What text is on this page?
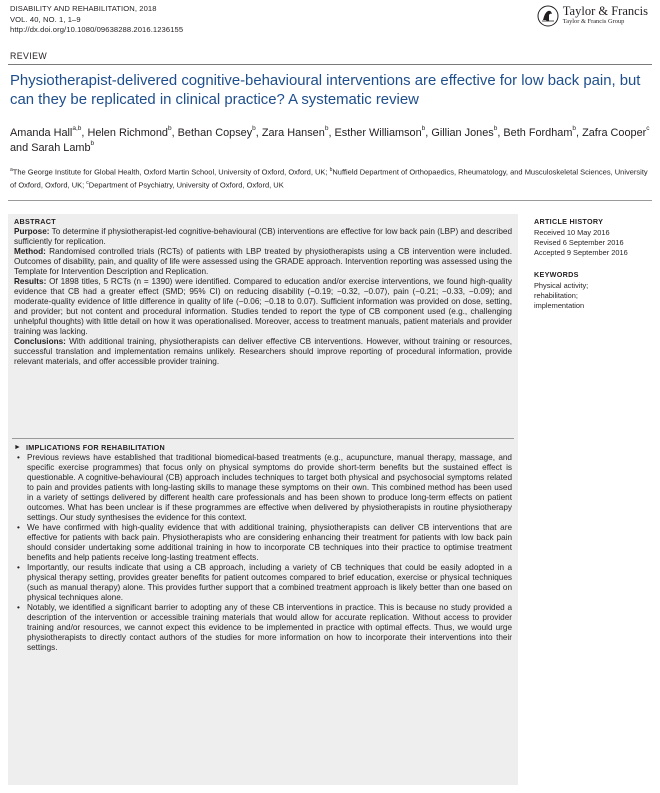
DISABILITY AND REHABILITATION, 2018
VOL. 40, NO. 1, 1–9
http://dx.doi.org/10.1080/09638288.2016.1236155
Taylor & Francis
Taylor & Francis Group
REVIEW
Physiotherapist-delivered cognitive-behavioural interventions are effective for low back pain, but can they be replicated in clinical practice? A systematic review

Amanda Hall$^{a,b}$, Helen Richmond$^b$, Bethan Copsey$^b$, Zara Hansen$^b$, Esther Williamson$^b$, Gillian Jones$^b$, Beth Fordham$^b$, Zafra Cooper$^c$ and Sarah Lamb$^b$

$^a$The George Institute for Global Health, Oxford Martin School, University of Oxford, Oxford, UK; $^b$Nuffield Department of Orthopaedics, Rheumatology, and Musculoskeletal Sciences, University of Oxford, Oxford, UK; $^c$Department of Psychiatry, University of Oxford, Oxford, UK

ABSTRACT

Purpose: To determine if physiotherapist-led cognitive-behavioural (CB) interventions are effective for low back pain (LBP) and described sufficiently for replication.

Method: Randomised controlled trials (RCTs) of patients with LBP treated by physiotherapists using a CB intervention were included. Outcomes of disability, pain, and quality of life were assessed using the GRADE approach. Intervention reporting was assessed using the Template for Intervention Description and Replication.

Results: Of 1898 titles, 5 RCTs (n = 1390) were identified. Compared to education and/or exercise interventions, we found high-quality evidence that CB had a greater effect (SMD; 95% CI) on reducing disability (−0.19; −0.32, −0.07), pain (−0.21; −0.33, −0.09); and moderate-quality evidence of little difference in quality of life (−0.06; −0.18 to 0.07). Sufficient information was provided on dose, setting, and provider; but not content and procedural information. Studies tended to report the type of CB component used (e.g., challenging unhelpful thoughts) with little detail on how it was operationalised. Moreover, access to treatment manuals, patient materials and provider training was lacking.

Conclusions: With additional training, physiotherapists can deliver effective CB interventions. However, without training or resources, successful translation and implementation remains unlikely. Researchers should improve reporting of procedural information, provide relevant materials, and offer accessible provider training.

► IMPLICATIONS FOR REHABILITATION
• Previous reviews have established that traditional biomedical-based treatments (e.g., acupuncture, manual therapy, massage, and specific exercise programmes) that focus only on physical symptoms do provide short-term benefits but the sustained effect is questionable. A cognitive-behavioural (CB) approach includes techniques to target both physical and psychosocial symptoms related to pain and provides patients with long-lasting skills to manage these symptoms on their own. This combined method has been used in a variety of settings delivered by different health care professionals and has been shown to produce long-term effects on patient outcomes. What has been unclear is if these programmes are effective when delivered by physiotherapists in routine physiotherapy settings. Our study synthesises the evidence for this context.
• We have confirmed with high-quality evidence that with additional training, physiotherapists can deliver CB interventions that are effective for patients with back pain. Physiotherapists who are considering enhancing their treatment for patients with low back pain should consider undertaking some additional training in how to incorporate CB techniques into their practice to optimise treatment benefits and help patients receive long-lasting treatment effects.
• Importantly, our results indicate that using a CB approach, including a variety of CB techniques that could be easily adopted in a physical therapy setting, provides greater benefits for patient outcomes compared to brief education, exercise or physical techniques (such as manual therapy) alone. This provides further support that a combined treatment approach is likely better than one based on physical techniques alone.
• Notably, we identified a significant barrier to adopting any of these CB interventions in practice. This is because no study provided a description of the intervention or accessible training materials that would allow for accurate replication. Without access to provider training and/or resources, we cannot expect this evidence to be implemented in practice with optimal effects. Thus, we would urge physiotherapists to directly contact authors of the studies for more information on how to incorporate their interventions into their settings.
ARTICLE HISTORY
Received 10 May 2016
Revised 6 September 2016
Accepted 9 September 2016
KEYWORDS
Physical activity;
rehabilitation;
implementation
